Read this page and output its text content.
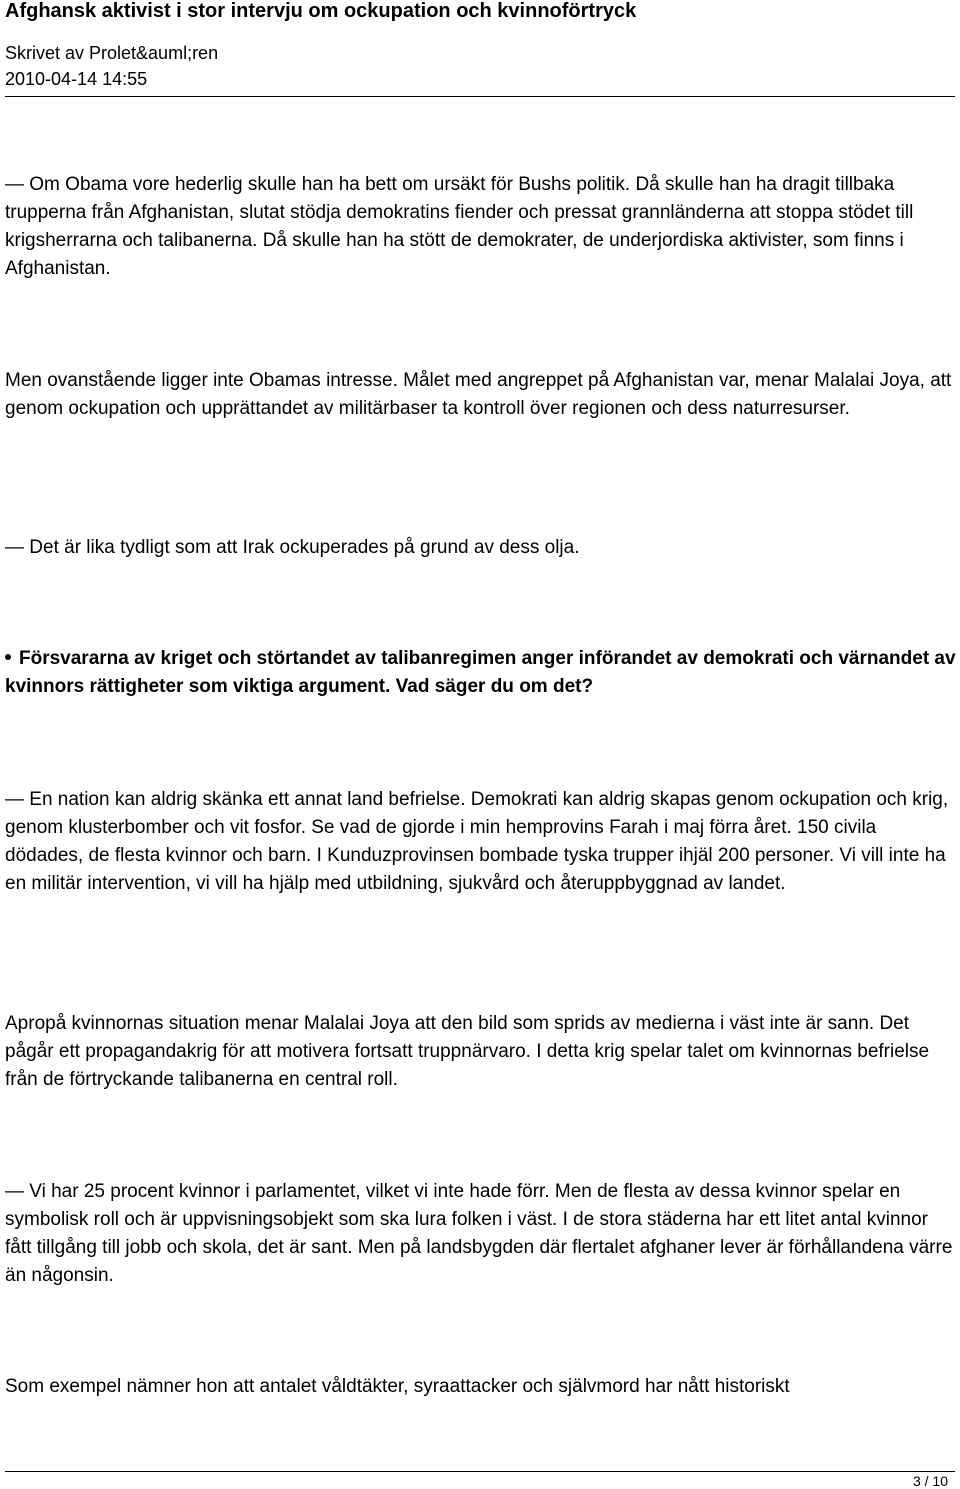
Afghansk aktivist i stor intervju om ockupation och kvinnoförtryck
Skrivet av Prolet&auml;ren
2010-04-14 14:55

— Om Obama vore hederlig skulle han ha bett om ursäkt för Bushs politik. Då skulle han ha dragit tillbaka trupperna från Afghanistan, slutat stödja demokratins fiender och pressat grannländerna att stoppa stödet till krigsherrarna och talibanerna. Då skulle han ha stött de demokrater, de underjordiska aktivister, som finns i Afghanistan.

Men ovanstående ligger inte Obamas intresse. Målet med angreppet på Afghanistan var, menar Malalai Joya, att genom ockupation och upprättandet av militärbaser ta kontroll över regionen och dess naturresurser.

— Det är lika tydligt som att Irak ockuperades på grund av dess olja.

Försvararna av kriget och störtandet av talibanregimen anger införandet av demokrati och värnandet av kvinnors rättigheter som viktiga argument. Vad säger du om det?

— En nation kan aldrig skänka ett annat land befrielse. Demokrati kan aldrig skapas genom ockupation och krig, genom klusterbomber och vit fosfor. Se vad de gjorde i min hemprovins Farah i maj förra året. 150 civila dödades, de flesta kvinnor och barn. I Kunduzprovinsen bombade tyska trupper ihjäl 200 personer. Vi vill inte ha en militär intervention, vi vill ha hjälp med utbildning, sjukvård och återuppbyggnad av landet.

Apropå kvinnornas situation menar Malalai Joya att den bild som sprids av medierna i väst inte är sann. Det pågår ett propagandakrig för att motivera fortsatt truppnärvaro. I detta krig spelar talet om kvinnornas befrielse från de förtryckande talibanerna en central roll.

— Vi har 25 procent kvinnor i parlamentet, vilket vi inte hade förr. Men de flesta av dessa kvinnor spelar en symbolisk roll och är uppvisningsobjekt som ska lura folken i väst. I de stora städerna har ett litet antal kvinnor fått tillgång till jobb och skola, det är sant. Men på landsbygden där flertalet afghaner lever är förhållandena värre än någonsin.

Som exempel nämner hon att antalet våldtäkter, syraattacker och självmord har nått historiskt

3 / 10
